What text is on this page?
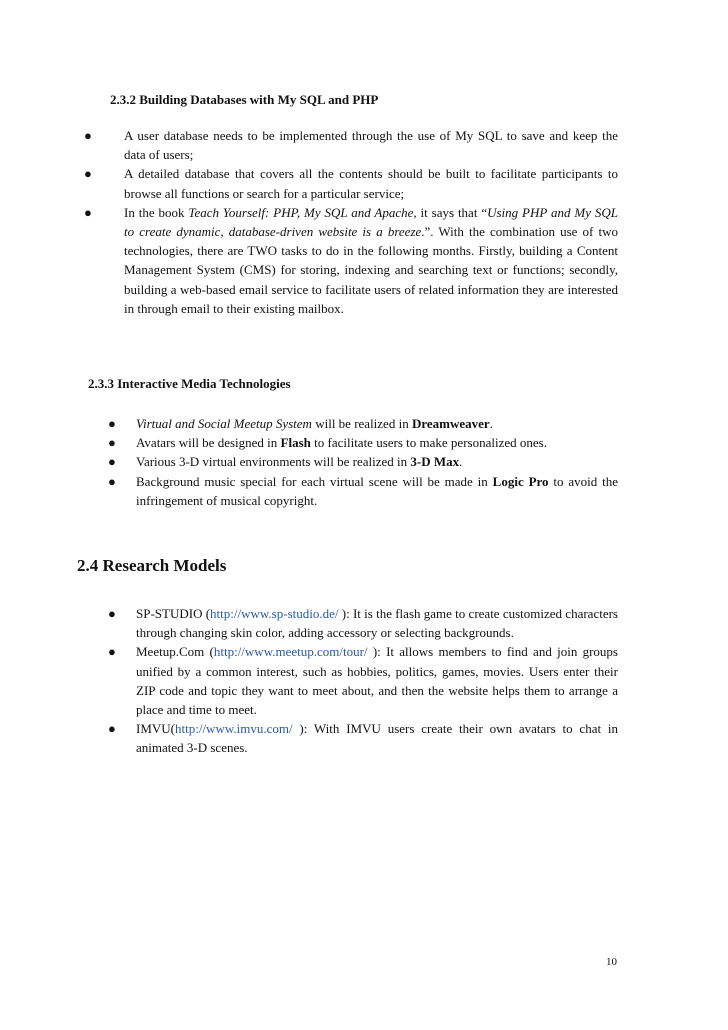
2.3.2 Building Databases with My SQL and PHP

● A user database needs to be implemented through the use of My SQL to save and keep the data of users;
● A detailed database that covers all the contents should be built to facilitate participants to browse all functions or search for a particular service;
● In the book Teach Yourself: PHP, My SQL and Apache, it says that “Using PHP and My SQL to create dynamic, database-driven website is a breeze.”. With the combination use of two technologies, there are TWO tasks to do in the following months. Firstly, building a Content Management System (CMS) for storing, indexing and searching text or functions; secondly, building a web-based email service to facilitate users of related information they are interested in through email to their existing mailbox.

2.3.3 Interactive Media Technologies

● Virtual and Social Meetup System will be realized in Dreamweaver.
● Avatars will be designed in Flash to facilitate users to make personalized ones.
● Various 3-D virtual environments will be realized in 3-D Max.
● Background music special for each virtual scene will be made in Logic Pro to avoid the infringement of musical copyright.

2.4 Research Models

● SP-STUDIO (http://www.sp-studio.de/ ): It is the flash game to create customized characters through changing skin color, adding accessory or selecting backgrounds.
● Meetup.Com (http://www.meetup.com/tour/ ): It allows members to find and join groups unified by a common interest, such as hobbies, politics, games, movies. Users enter their ZIP code and topic they want to meet about, and then the website helps them to arrange a place and time to meet.
● IMVU(http://www.imvu.com/ ): With IMVU users create their own avatars to chat in animated 3-D scenes.
10
